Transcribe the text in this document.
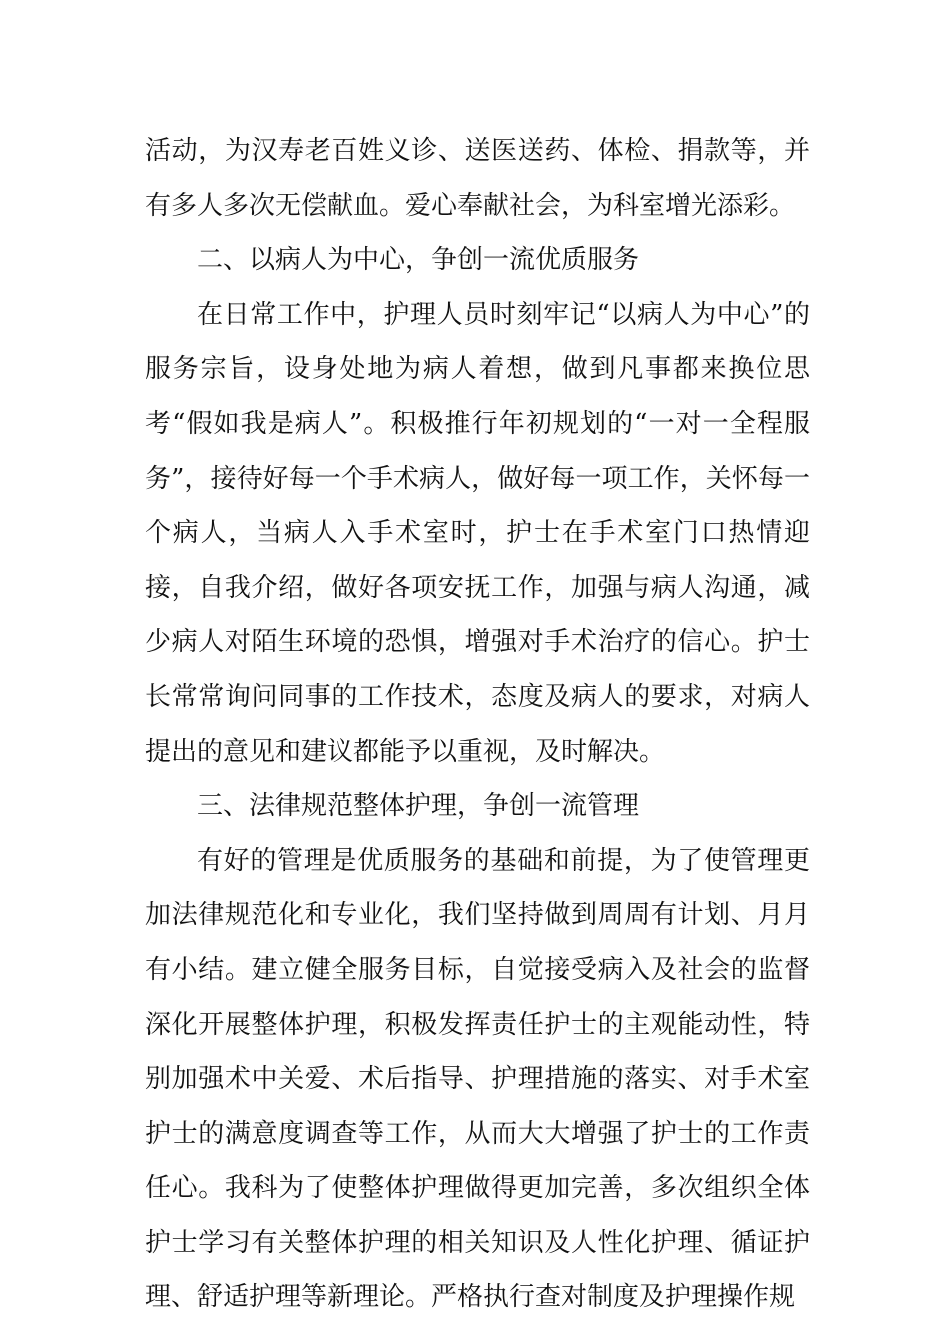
活动，为汉寿老百姓义诊、送医送药、体检、捐款等，并有多人多次无偿献血。爱心奉献社会，为科室增光添彩。

二、以病人为中心，争创一流优质服务

在日常工作中，护理人员时刻牢记“以病人为中心”的服务宗旨，设身处地为病人着想，做到凡事都来换位思考“假如我是病人”。积极推行年初规划的“一对一全程服务”，接待好每一个手术病人，做好每一项工作，关怀每一个病人，当病人入手术室时，护士在手术室门口热情迎接，自我介绍，做好各项安抚工作，加强与病人沟通，减少病人对陌生环境的恐惧，增强对手术治疗的信心。护士长常常询问同事的工作技术，态度及病人的要求，对病人提出的意见和建议都能予以重视，及时解决。

三、法律规范整体护理，争创一流管理

有好的管理是优质服务的基础和前提，为了使管理更加法律规范化和专业化，我们坚持做到周周有计划、月月有小结。建立健全服务目标，自觉接受病入及社会的监督深化开展整体护理，积极发挥责任护士的主观能动性，特别加强术中关爱、术后指导、护理措施的落实、对手术室护士的满意度调查等工作，从而大大增强了护士的工作责任心。我科为了使整体护理做得更加完善，多次组织全体护士学习有关整体护理的相关知识及人性化护理、循证护理、舒适护理等新理论。严格执行查对制度及护理操作规
